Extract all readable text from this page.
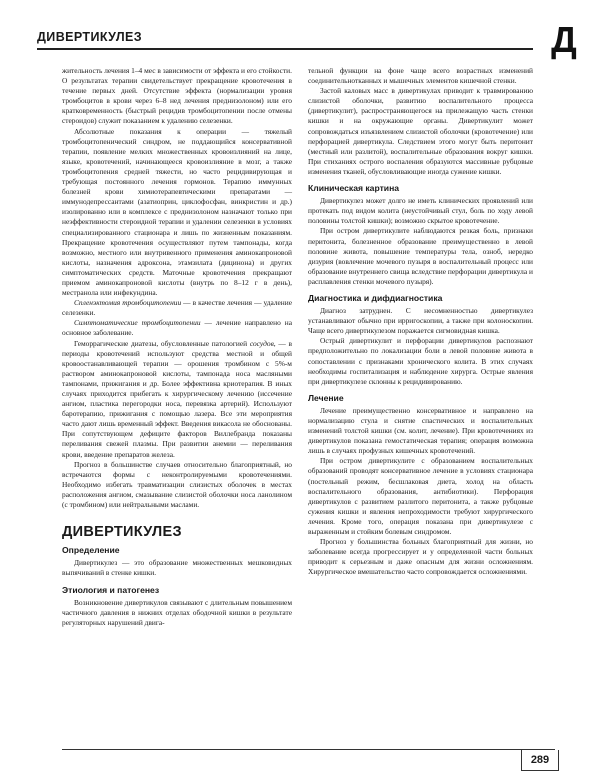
ДИВЕРТИКУЛЕЗ	Д

жительность лечения 1–4 мес в зависимости от эффекта и его стойкости. О результатах терапии свидетельствует прекращение кровотечения в течение первых дней. Отсутствие эффекта (нормализации уровня тромбоцитов в крови через 6–8 нед лечения преднизолоном) или его кратковременность (быстрый рецидив тромбоцитопении после отмены стероидов) служит показанием к удалению селезенки.

Абсолютные показания к операции — тяжелый тромбоцитопенический синдром, не поддающийся консервативной терапии, появление мелких множественных кровоизлияний на лице, языке, кровотечений, начинающееся кровоизлияние в мозг, а также тромбоцитопения средней тяжести, но часто рецидивирующая и требующая постоянного лечения гормонов. Терапию иммунных болезней крови химиотерапевтическими препаратами — иммунодепрессантами (азатиоприн, циклофосфан, винкристин и др.) изолированно или в комплексе с преднизолоном назначают только при неэффективности стероидной терапии и удалении селезенки в условиях специализированного стационара и лишь по жизненным показаниям. Прекращение кровотечения осуществляют путем тампонады, когда возможно, местного или внутривенного применения аминокапроновой кислоты, назначения адроксона, этамзилата (дицинона) и других симптоматических средств. Маточные кровотечения прекращают приемом аминокапроновой кислоты (внутрь по 8–12 г в день), местранола или инфекундина.

Спленэктомия тромбоцитопении — в качестве лечения — удаление селезенки.

Симптоматические тромбоцитопении — лечение направлено на основное заболевание.

Геморрагические диатезы, обусловленные патологией сосудов, — в периоды кровотечений используют средства местной и общей кровоостанавливающей терапии — орошения тромбином с 5%-м раствором аминокапроновой кислоты, тампонада носа масляными тампонами, прижигания и др. Более эффективна криотерапия. В иных случаях приходится прибегать к хирургическому лечению (иссечение ангиом, пластика перегородки носа, перевязка артерий). Используют баротерапию, прижигания с помощью лазера. Все эти мероприятия часто дают лишь временный эффект. Введения викасола не обоснованы. При сопутствующем дефиците факторов Виллебранда показаны переливания свежей плазмы. При развитии анемии — переливания крови, введение препаратов железа.

Прогноз в большинстве случаев относительно благоприятный, но встречаются формы с неконтролируемыми кровотечениями. Необходимо избегать травматизации слизистых оболочек в местах расположения ангиом, смазывание слизистой оболочки носа ланолином (с тромбином) или нейтральными маслами.

ДИВЕРТИКУЛЕЗ
Определение

Дивертикулез — это образование множественных мешковидных выпячиваний в стенке кишки.

Этиология и патогенез

Возникновение дивертикулов связывают с длительным повышением частичного давления в нижних отделах ободочной кишки в результате регуляторных нарушений двига-

тельной функции на фоне чаще всего возрастных изменений соединительнотканных и мышечных элементов кишечной стенки.

Застой каловых масс в дивертикулах приводит к травмированию слизистой оболочки, развитию воспалительного процесса (дивертикулит), распространяющегося на прилежащую часть стенки кишки и на окружающие органы. Дивертикулит может сопровождаться изъязвлением слизистой оболочки (кровотечение) или перфорацией дивертикула. Следствием этого могут быть перитонит (местный или разлитой), воспалительные образования вокруг кишки. При стиханиях острого воспаления образуются массивные рубцовые изменения тканей, обусловливающие иногда сужение кишки.

Клиническая картина

Дивертикулез может долго не иметь клинических проявлений или протекать под видом колита (неустойчивый стул, боль по ходу левой половины толстой кишки); возможно скрытое кровотечение.

При остром дивертикулите наблюдаются резкая боль, признаки перитонита, болезненное образование преимущественно в левой половине живота, повышение температуры тела, озноб, нередко дизурия (вовлечение мочевого пузыря в воспалительный процесс или образование внутреннего свища вследствие перфорации дивертикула и расплавления стенки мочевого пузыря).

Диагностика и дифдиагностика

Диагноз затруднен. С несомненностью дивертикулез устанавливают обычно при ирригоскопии, а также при колоноскопии. Чаще всего дивертикулезом поражается сигмовидная кишка.

Острый дивертикулит и перфорации дивертикулов распознают предположительно по локализации боли в левой половине живота в сопоставлении с признаками хронического колита. В этих случаях необходимы госпитализация и наблюдение хирурга. Острые явления при дивертикулезе склонны к рецидивированию.

Лечение

Лечение преимущественно консервативное и направлено на нормализацию стула и снятие спастических и воспалительных изменений толстой кишки (см. колит, лечение). При кровотечениях из дивертикулов показана гемостатическая терапия; операция возможна лишь в случаях профузных кишечных кровотечений.

При остром дивертикулите с образованием воспалительных образований проводят консервативное лечение в условиях стационара (постельный режим, бесшлаковая диета, холод на область воспалительного образования, антибиотики). Перфорация дивертикулов с развитием разлитого перитонита, а также рубцовые сужения кишки и явления непроходимости требуют хирургического лечения. Кроме того, операция показана при дивертикулезе с выраженным и стойким болевым синдромом.

Прогноз у большинства больных благоприятный для жизни, но заболевание всегда прогрессирует и у определенной части больных приводит к серьезным и даже опасным для жизни осложнениям. Хирургическое вмешательство часто сопровождается осложнениями.

289
